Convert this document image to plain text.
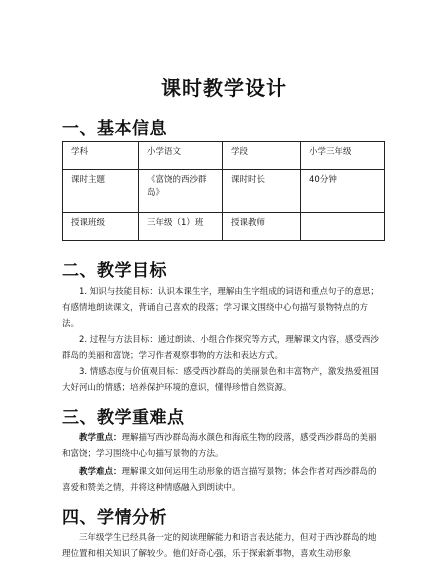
课时教学设计
一、基本信息
学科	小学语文	学段	小学三年级
课时主题	《富饶的西沙群岛》	课时时长	40分钟
授课班级	三年级（1）班	授课教师	
二、教学目标

1. 知识与技能目标：认识本课生字，理解由生字组成的词语和重点句子的意思；有感情地朗读课文，背诵自己喜欢的段落；学习课文围绕中心句描写景物特点的方法。

2. 过程与方法目标：通过朗读、小组合作探究等方式，理解课文内容，感受西沙群岛的美丽和富饶；学习作者观察事物的方法和表达方式。

3. 情感态度与价值观目标：感受西沙群岛的美丽景色和丰富物产，激发热爱祖国大好河山的情感；培养保护环境的意识，懂得珍惜自然资源。

三、教学重难点

教学重点：理解描写西沙群岛海水颜色和海底生物的段落，感受西沙群岛的美丽和富饶；学习围绕中心句描写景物的方法。

教学难点：理解课文如何运用生动形象的语言描写景物；体会作者对西沙群岛的喜爱和赞美之情，并将这种情感融入到朗读中。

四、学情分析

三年级学生已经具备一定的阅读理解能力和语言表达能力，但对于西沙群岛的地理位置和相关知识了解较少。他们好奇心强，乐于探索新事物，喜欢生动形象
